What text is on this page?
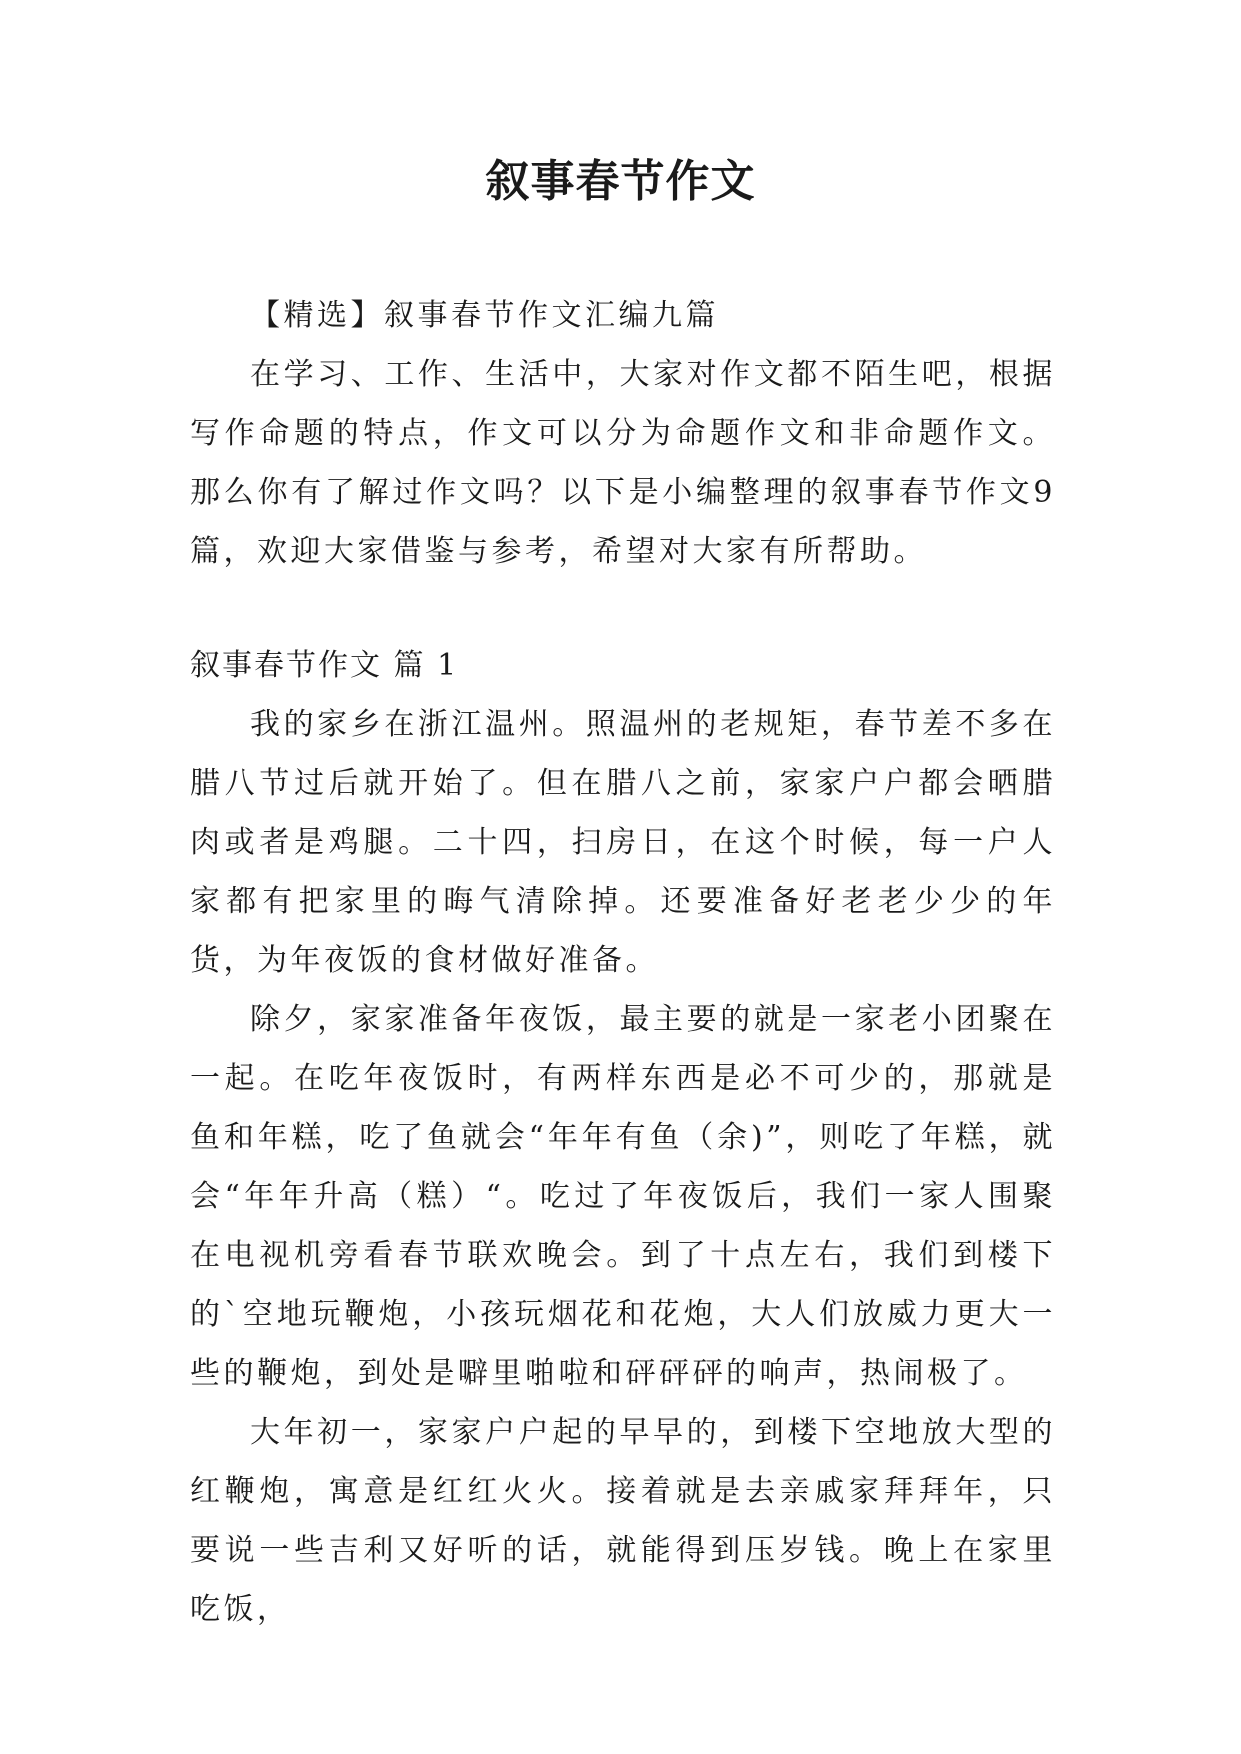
叙事春节作文

【精选】叙事春节作文汇编九篇

在学习、工作、生活中，大家对作文都不陌生吧，根据写作命题的特点，作文可以分为命题作文和非命题作文。那么你有了解过作文吗？以下是小编整理的叙事春节作文9篇，欢迎大家借鉴与参考，希望对大家有所帮助。

叙事春节作文 篇 1

我的家乡在浙江温州。照温州的老规矩，春节差不多在腊八节过后就开始了。但在腊八之前，家家户户都会晒腊肉或者是鸡腿。二十四，扫房日，在这个时候，每一户人家都有把家里的晦气清除掉。还要准备好老老少少的年货，为年夜饭的食材做好准备。

除夕，家家准备年夜饭，最主要的就是一家老小团聚在一起。在吃年夜饭时，有两样东西是必不可少的，那就是鱼和年糕，吃了鱼就会“年年有鱼（余)”，则吃了年糕，就会“年年升高（糕）“。吃过了年夜饭后，我们一家人围聚在电视机旁看春节联欢晚会。到了十点左右，我们到楼下的`空地玩鞭炮，小孩玩烟花和花炮，大人们放威力更大一些的鞭炮，到处是噼里啪啦和砰砰砰的响声，热闹极了。

大年初一，家家户户起的早早的，到楼下空地放大型的红鞭炮，寓意是红红火火。接着就是去亲戚家拜拜年，只要说一些吉利又好听的话，就能得到压岁钱。晚上在家里吃饭，
